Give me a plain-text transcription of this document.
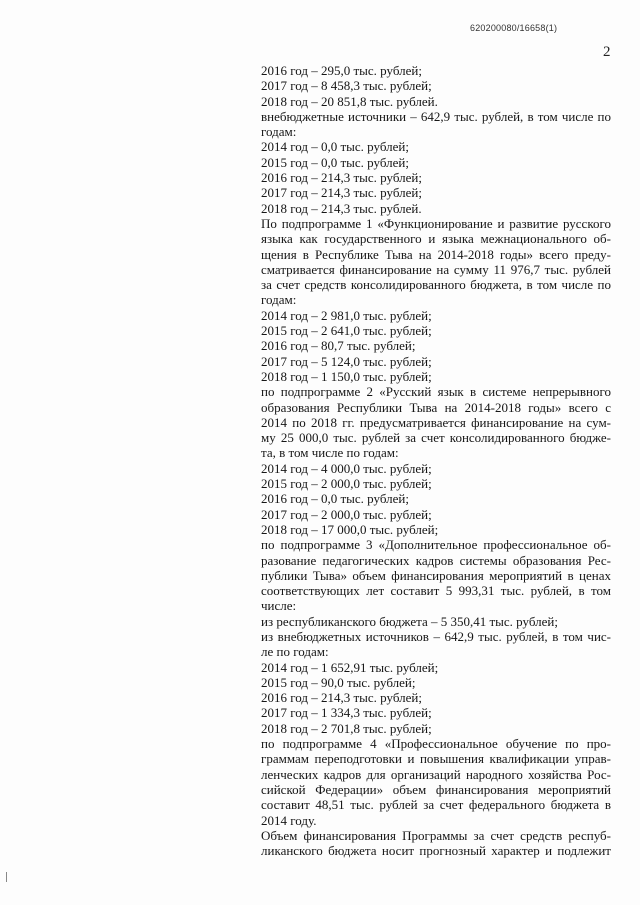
620200080/16658(1)
2
2016 год – 295,0 тыс. рублей;
2017 год – 8 458,3 тыс. рублей;
2018 год – 20 851,8 тыс. рублей.
внебюджетные источники – 642,9 тыс. рублей, в том числе по
годам:
2014 год – 0,0 тыс. рублей;
2015 год – 0,0 тыс. рублей;
2016 год – 214,3 тыс. рублей;
2017 год – 214,3 тыс. рублей;
2018 год – 214,3 тыс. рублей.
По подпрограмме 1 «Функционирование и развитие русского
языка как государственного и языка межнационального об-
щения в Республике Тыва на 2014-2018 годы» всего преду-
сматривается финансирование на сумму 11 976,7 тыс. рублей
за счет средств консолидированного бюджета, в том числе по
годам:
2014 год – 2 981,0 тыс. рублей;
2015 год – 2 641,0 тыс. рублей;
2016 год – 80,7 тыс. рублей;
2017 год – 5 124,0 тыс. рублей;
2018 год – 1 150,0 тыс. рублей;
по подпрограмме 2 «Русский язык в системе непрерывного
образования Республики Тыва на 2014-2018 годы» всего с
2014 по 2018 гг. предусматривается финансирование на сум-
му 25 000,0 тыс. рублей за счет консолидированного бюдже-
та, в том числе по годам:
2014 год – 4 000,0 тыс. рублей;
2015 год – 2 000,0 тыс. рублей;
2016 год – 0,0 тыс. рублей;
2017 год – 2 000,0 тыс. рублей;
2018 год – 17 000,0 тыс. рублей;
по подпрограмме 3 «Дополнительное профессиональное об-
разование педагогических кадров системы образования Рес-
публики Тыва» объем финансирования мероприятий в ценах
соответствующих лет составит 5 993,31 тыс. рублей, в том
числе:
из республиканского бюджета – 5 350,41 тыс. рублей;
из внебюджетных источников – 642,9 тыс. рублей, в том чис-
ле по годам:
2014 год – 1 652,91 тыс. рублей;
2015 год – 90,0 тыс. рублей;
2016 год – 214,3 тыс. рублей;
2017 год – 1 334,3 тыс. рублей;
2018 год – 2 701,8 тыс. рублей;
по подпрограмме 4 «Профессиональное обучение по про-
граммам переподготовки и повышения квалификации управ-
ленческих кадров для организаций народного хозяйства Рос-
сийской Федерации» объем финансирования мероприятий
составит 48,51 тыс. рублей за счет федерального бюджета в
2014 году.
Объем финансирования Программы за счет средств респуб-
ликанского бюджета носит прогнозный характер и подлежит
